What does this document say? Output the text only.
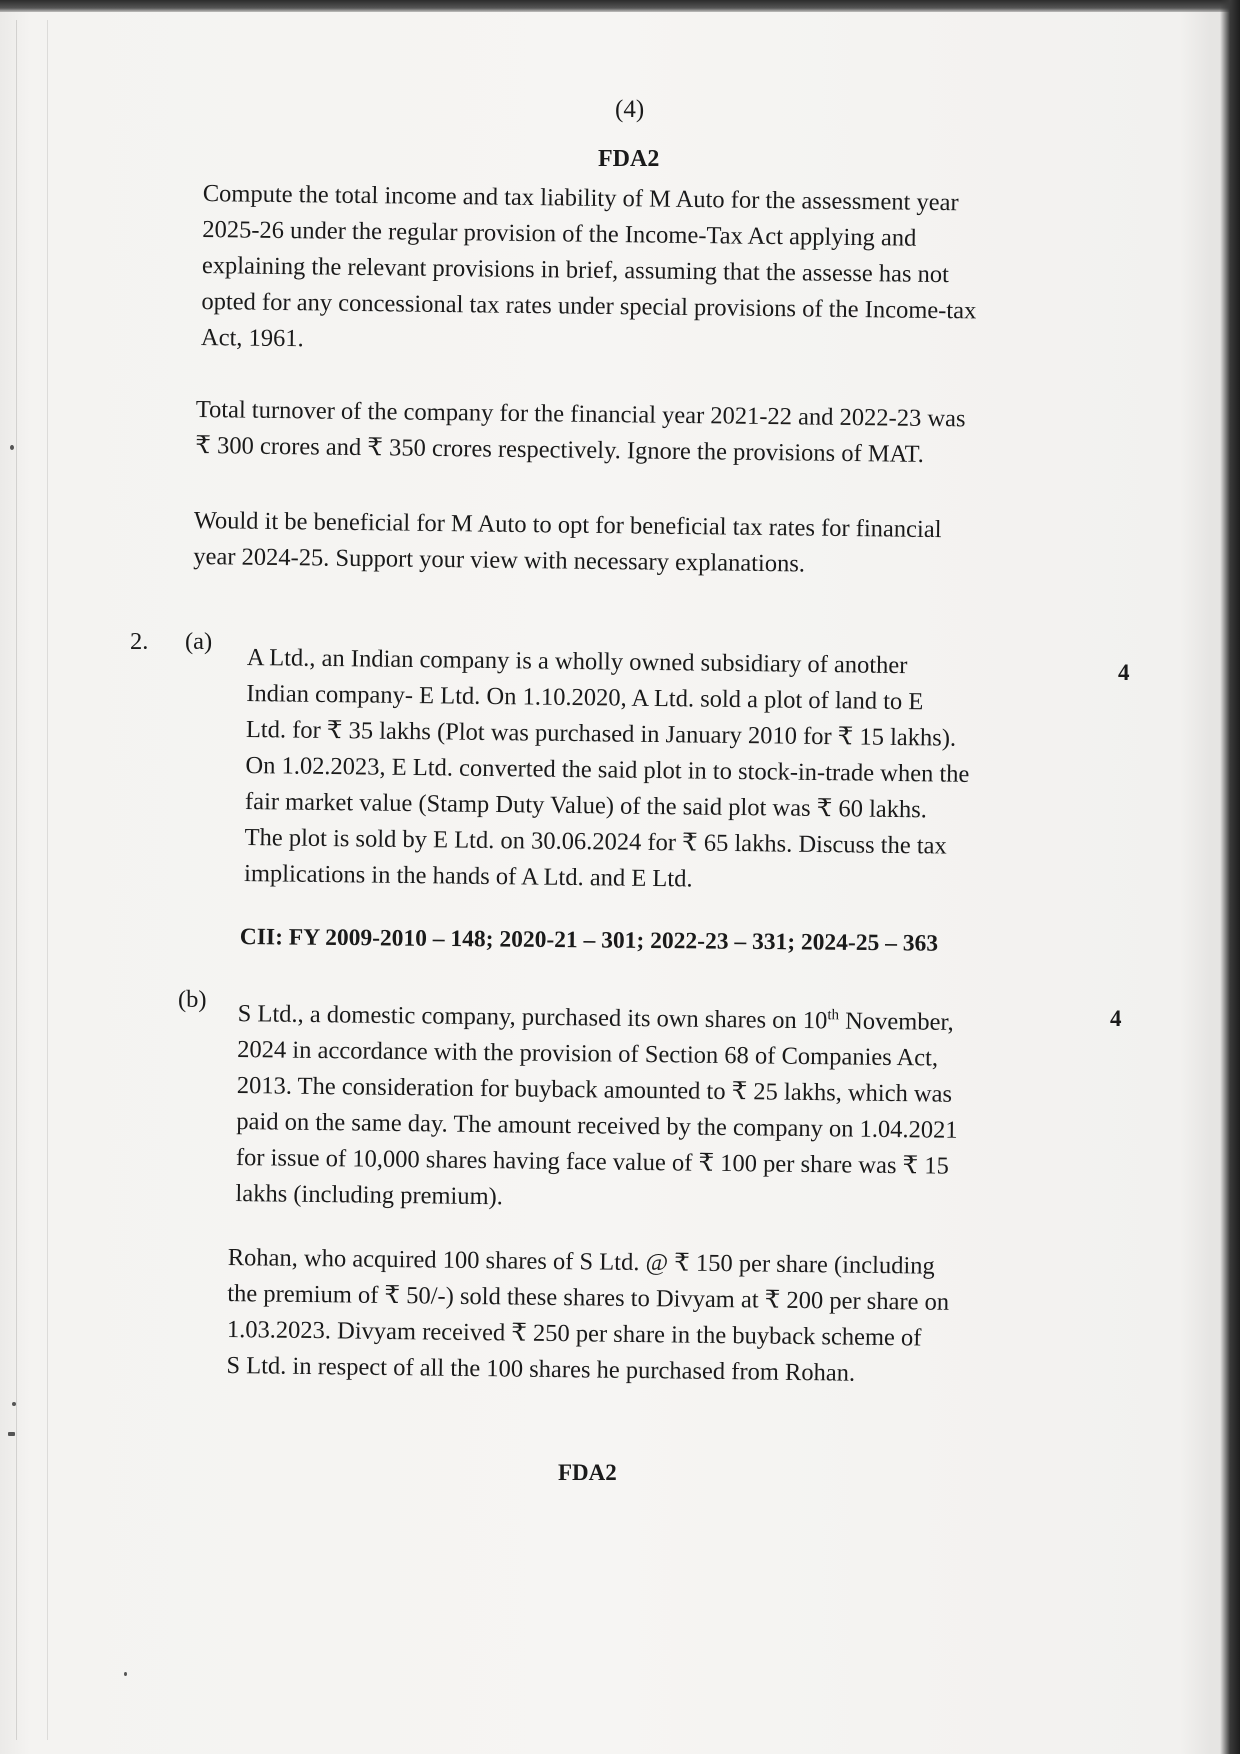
(4)
FDA2
Compute the total income and tax liability of M Auto for the assessment year
2025-26 under the regular provision of the Income-Tax Act applying and
explaining the relevant provisions in brief, assuming that the assesse has not
opted for any concessional tax rates under special provisions of the Income-tax
Act, 1961.
Total turnover of the company for the financial year 2021-22 and 2022-23 was
₹ 300 crores and ₹ 350 crores respectively. Ignore the provisions of MAT.
Would it be beneficial for M Auto to opt for beneficial tax rates for financial
year 2024-25. Support your view with necessary explanations.
2. (a)
4
A Ltd., an Indian company is a wholly owned subsidiary of another
Indian company- E Ltd. On 1.10.2020, A Ltd. sold a plot of land to E
Ltd. for ₹ 35 lakhs (Plot was purchased in January 2010 for ₹ 15 lakhs).
On 1.02.2023, E Ltd. converted the said plot in to stock-in-trade when the
fair market value (Stamp Duty Value) of the said plot was ₹ 60 lakhs.
The plot is sold by E Ltd. on 30.06.2024 for ₹ 65 lakhs. Discuss the tax
implications in the hands of A Ltd. and E Ltd.
CII: FY 2009-2010 – 148; 2020-21 – 301; 2022-23 – 331; 2024-25 – 363
(b)
4
S Ltd., a domestic company, purchased its own shares on 10th November,
2024 in accordance with the provision of Section 68 of Companies Act,
2013. The consideration for buyback amounted to ₹ 25 lakhs, which was
paid on the same day. The amount received by the company on 1.04.2021
for issue of 10,000 shares having face value of ₹ 100 per share was ₹ 15
lakhs (including premium).
Rohan, who acquired 100 shares of S Ltd. @ ₹ 150 per share (including
the premium of ₹ 50/-) sold these shares to Divyam at ₹ 200 per share on
1.03.2023. Divyam received ₹ 250 per share in the buyback scheme of
S Ltd. in respect of all the 100 shares he purchased from Rohan.
FDA2
